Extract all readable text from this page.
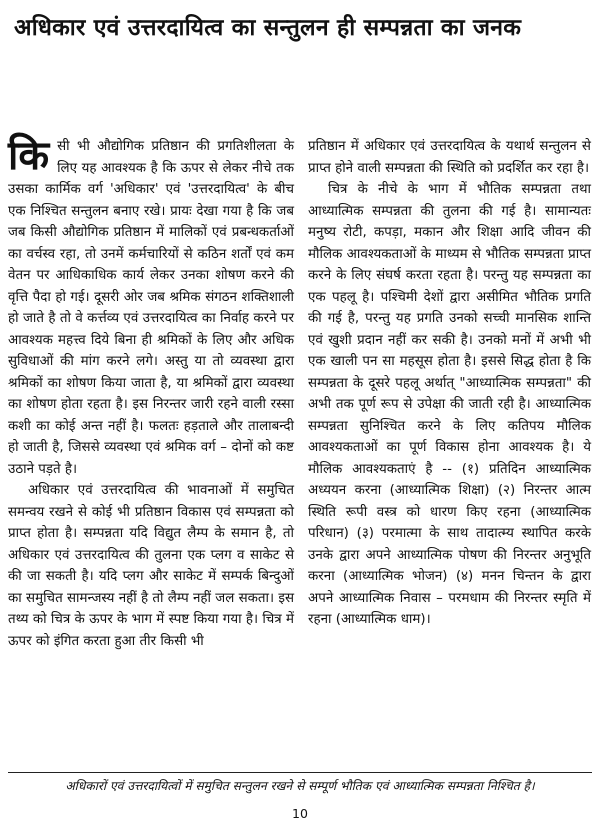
अधिकार एवं उत्तरदायित्व का सन्तुलन ही सम्पन्नता का जनक

किसी भी औद्योगिक प्रतिष्ठान की प्रगतिशीलता के लिए यह आवश्यक है कि ऊपर से लेकर नीचे तक उसका कार्मिक वर्ग 'अधिकार' एवं 'उत्तरदायित्व' के बीच एक निश्चित सन्तुलन बनाए रखे। प्रायः देखा गया है कि जब जब किसी औद्योगिक प्रतिष्ठान में मालिकों एवं प्रबन्धकर्ताओं का वर्चस्व रहा, तो उनमें कर्मचारियों से कठिन शर्तों एवं कम वेतन पर आधिकाधिक कार्य लेकर उनका शोषण करने की वृत्ति पैदा हो गई। दूसरी ओर जब श्रमिक संगठन शक्तिशाली हो जाते है तो वे कर्त्तव्य एवं उत्तरदायित्व का निर्वाह करने पर आवश्यक महत्त्व दिये बिना ही श्रमिकों के लिए और अधिक सुविधाओं की मांग करने लगे। अस्तु या तो व्यवस्था द्वारा श्रमिकों का शोषण किया जाता है, या श्रमिकों द्वारा व्यवस्था का शोषण होता रहता है। इस निरन्तर जारी रहने वाली रस्सा कशी का कोई अन्त नहीं है। फलतः हड़ताले और तालाबन्दी हो जाती है, जिससे व्यवस्था एवं श्रमिक वर्ग – दोनों को कष्ट उठाने पड़ते है।

अधिकार एवं उत्तरदायित्व की भावनाओं में समुचित समन्वय रखने से कोई भी प्रतिष्ठान विकास एवं सम्पन्नता को प्राप्त होता है। सम्पन्नता यदि विद्युत लैम्प के समान है, तो अधिकार एवं उत्तरदायित्व की तुलना एक प्लग व साकेट से की जा सकती है। यदि प्लग और साकेट में सम्पर्क बिन्दुओं का समुचित सामन्जस्य नहीं है तो लैम्प नहीं जल सकता। इस तथ्य को चित्र के ऊपर के भाग में स्पष्ट किया गया है। चित्र में ऊपर को इंगित करता हुआ तीर किसी भी

प्रतिष्ठान में अधिकार एवं उत्तरदायित्व के यथार्थ सन्तुलन से प्राप्त होने वाली सम्पन्नता की स्थिति को प्रदर्शित कर रहा है।

चित्र के नीचे के भाग में भौतिक सम्पन्नता तथा आध्यात्मिक सम्पन्नता की तुलना की गई है। सामान्यतः मनुष्य रोटी, कपड़ा, मकान और शिक्षा आदि जीवन की मौलिक आवश्यकताओं के माध्यम से भौतिक सम्पन्नता प्राप्त करने के लिए संघर्ष करता रहता है। परन्तु यह सम्पन्नता का एक पहलू है। पश्चिमी देशों द्वारा असीमित भौतिक प्रगति की गई है, परन्तु यह प्रगति उनको सच्ची मानसिक शान्ति एवं खुशी प्रदान नहीं कर सकी है। उनको मनों में अभी भी एक खाली पन सा महसूस होता है। इससे सिद्ध होता है कि सम्पन्नता के दूसरे पहलू अर्थात् "आध्यात्मिक सम्पन्नता" की अभी तक पूर्ण रूप से उपेक्षा की जाती रही है। आध्यात्मिक सम्पन्नता सुनिश्चित करने के लिए कतिपय मौलिक आवश्यकताओं का पूर्ण विकास होना आवश्यक है। ये मौलिक आवश्यकताएं है -- (१) प्रतिदिन आध्यात्मिक अध्ययन करना (आध्यात्मिक शिक्षा) (२) निरन्तर आत्म स्थिति रूपी वस्त्र को धारण किए रहना (आध्यात्मिक परिधान) (३) परमात्मा के साथ तादात्म्य स्थापित करके उनके द्वारा अपने आध्यात्मिक पोषण की निरन्तर अनुभूति करना (आध्यात्मिक भोजन) (४) मनन चिन्तन के द्वारा अपने आध्यात्मिक निवास – परमधाम की निरन्तर स्मृति में रहना (आध्यात्मिक धाम)।

अधिकारों एवं उत्तरदायित्वों में समुचित सन्तुलन रखने से सम्पूर्ण भौतिक एवं आध्यात्मिक सम्पन्नता निश्चित है।
10
